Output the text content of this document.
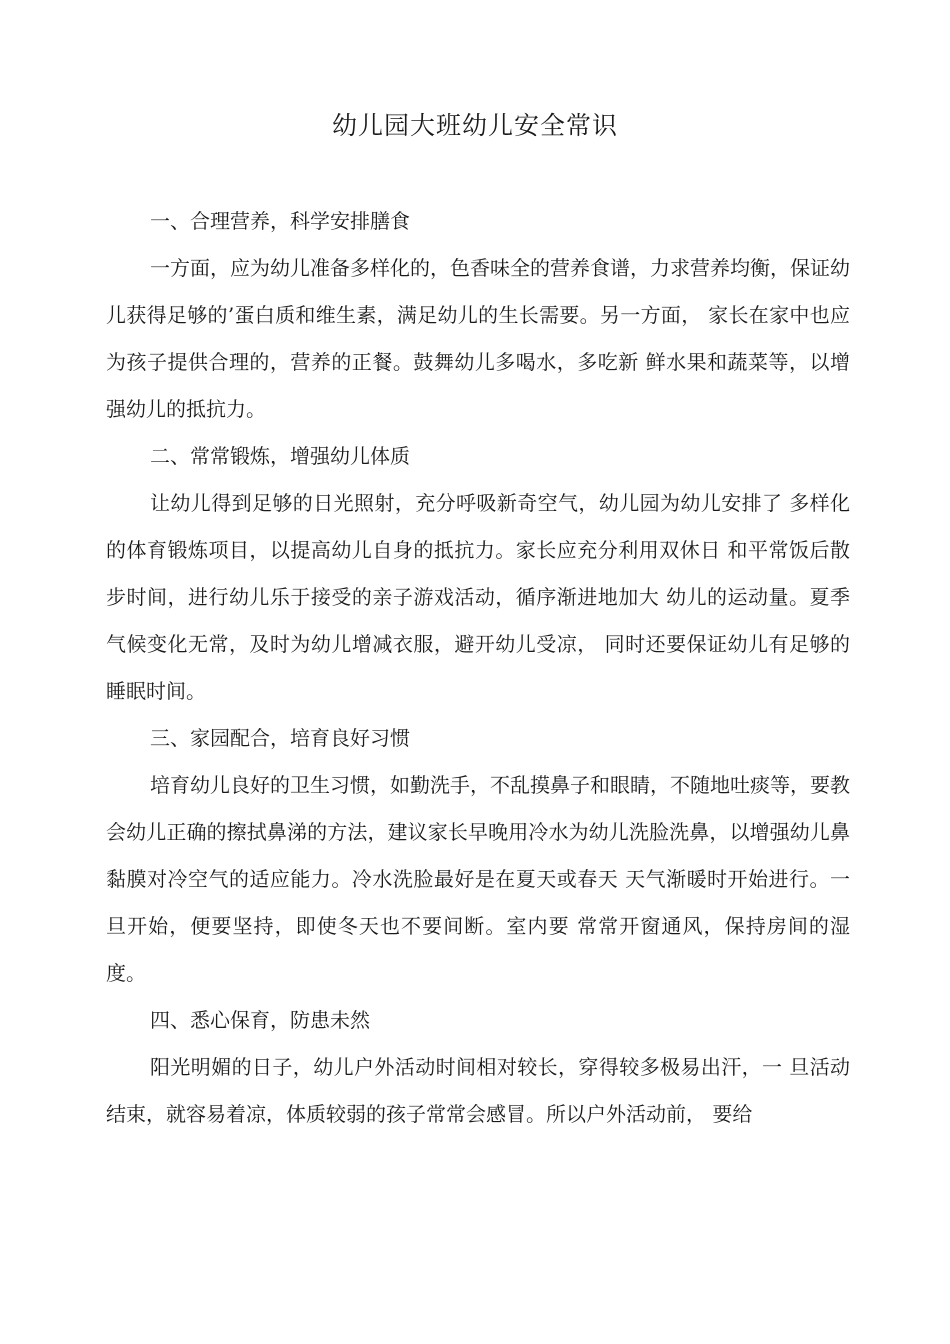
幼儿园大班幼儿安全常识

一、合理营养，科学安排膳食

一方面，应为幼儿准备多样化的，色香味全的营养食谱，力求营养均衡，保证幼儿获得足够的’蛋白质和维生素，满足幼儿的生长需要。另一方面， 家长在家中也应为孩子提供合理的，营养的正餐。鼓舞幼儿多喝水，多吃新 鲜水果和蔬菜等，以增强幼儿的抵抗力。

二、常常锻炼，增强幼儿体质

让幼儿得到足够的日光照射，充分呼吸新奇空气，幼儿园为幼儿安排了 多样化的体育锻炼项目，以提高幼儿自身的抵抗力。家长应充分利用双休日 和平常饭后散步时间，进行幼儿乐于接受的亲子游戏活动，循序渐进地加大 幼儿的运动量。夏季气候变化无常，及时为幼儿增减衣服，避开幼儿受凉， 同时还要保证幼儿有足够的睡眠时间。

三、家园配合，培育良好习惯

培育幼儿良好的卫生习惯，如勤洗手，不乱摸鼻子和眼睛，不随地吐痰等，要教会幼儿正确的擦拭鼻涕的方法，建议家长早晚用冷水为幼儿洗脸洗鼻，以增强幼儿鼻黏膜对冷空气的适应能力。冷水洗脸最好是在夏天或春天 天气渐暖时开始进行。一旦开始，便要坚持，即使冬天也不要间断。室内要 常常开窗通风，保持房间的湿度。

四、悉心保育，防患未然

阳光明媚的日子，幼儿户外活动时间相对较长，穿得较多极易出汗，一 旦活动结束，就容易着凉，体质较弱的孩子常常会感冒。所以户外活动前， 要给
